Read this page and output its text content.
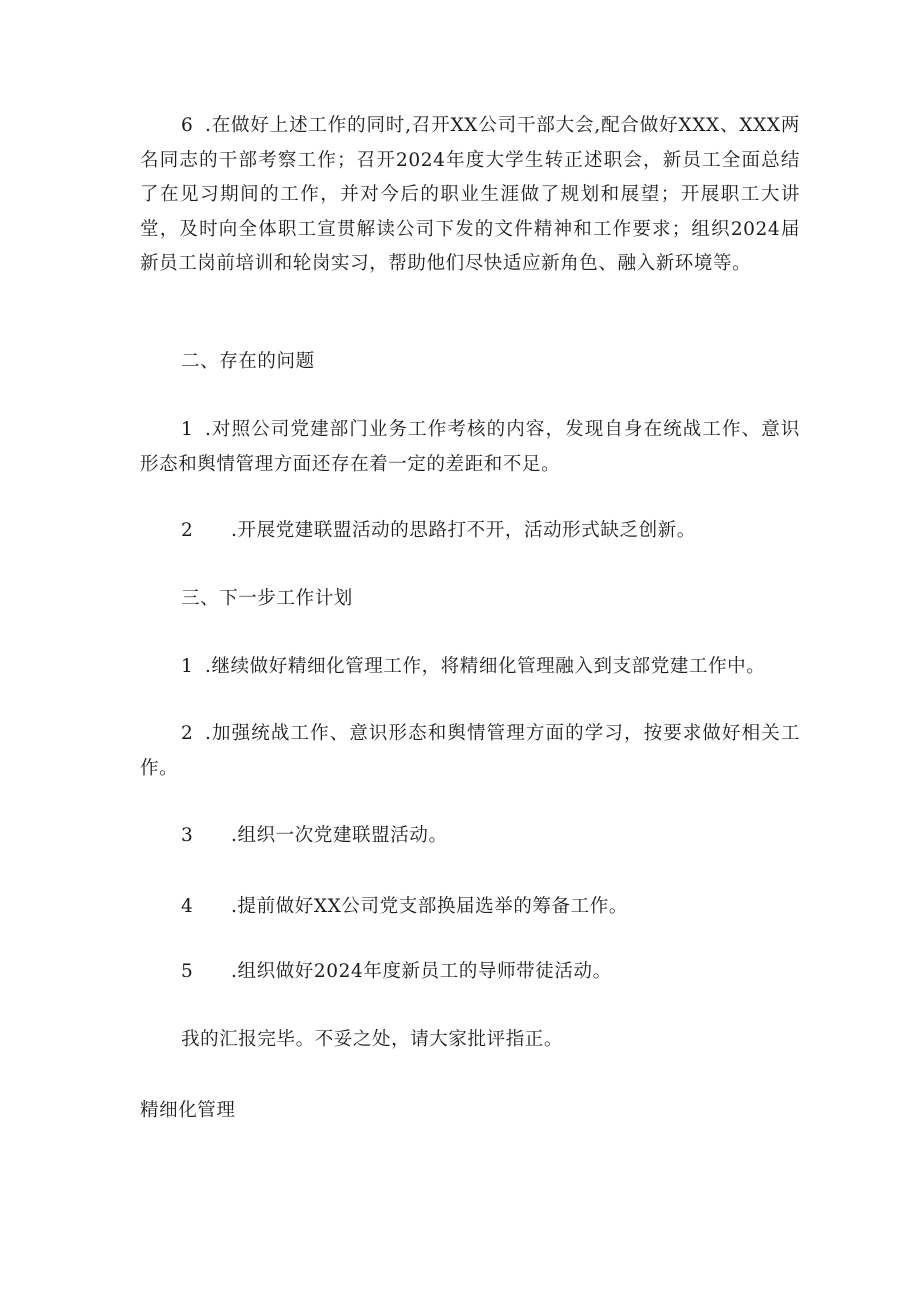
6 .在做好上述工作的同时,召开XX公司干部大会,配合做好XXX、XXX两名同志的干部考察工作；召开2024年度大学生转正述职会，新员工全面总结了在见习期间的工作，并对今后的职业生涯做了规划和展望；开展职工大讲堂，及时向全体职工宣贯解读公司下发的文件精神和工作要求；组织2024届新员工岗前培训和轮岗实习，帮助他们尽快适应新角色、融入新环境等。

二、存在的问题

1 .对照公司党建部门业务工作考核的内容，发现自身在统战工作、意识形态和舆情管理方面还存在着一定的差距和不足。

2 .开展党建联盟活动的思路打不开，活动形式缺乏创新。

三、下一步工作计划

1 .继续做好精细化管理工作，将精细化管理融入到支部党建工作中。

2 .加强统战工作、意识形态和舆情管理方面的学习，按要求做好相关工作。

3 .组织一次党建联盟活动。

4 .提前做好XX公司党支部换届选举的筹备工作。

5 .组织做好2024年度新员工的导师带徒活动。

我的汇报完毕。不妥之处，请大家批评指正。

精细化管理
